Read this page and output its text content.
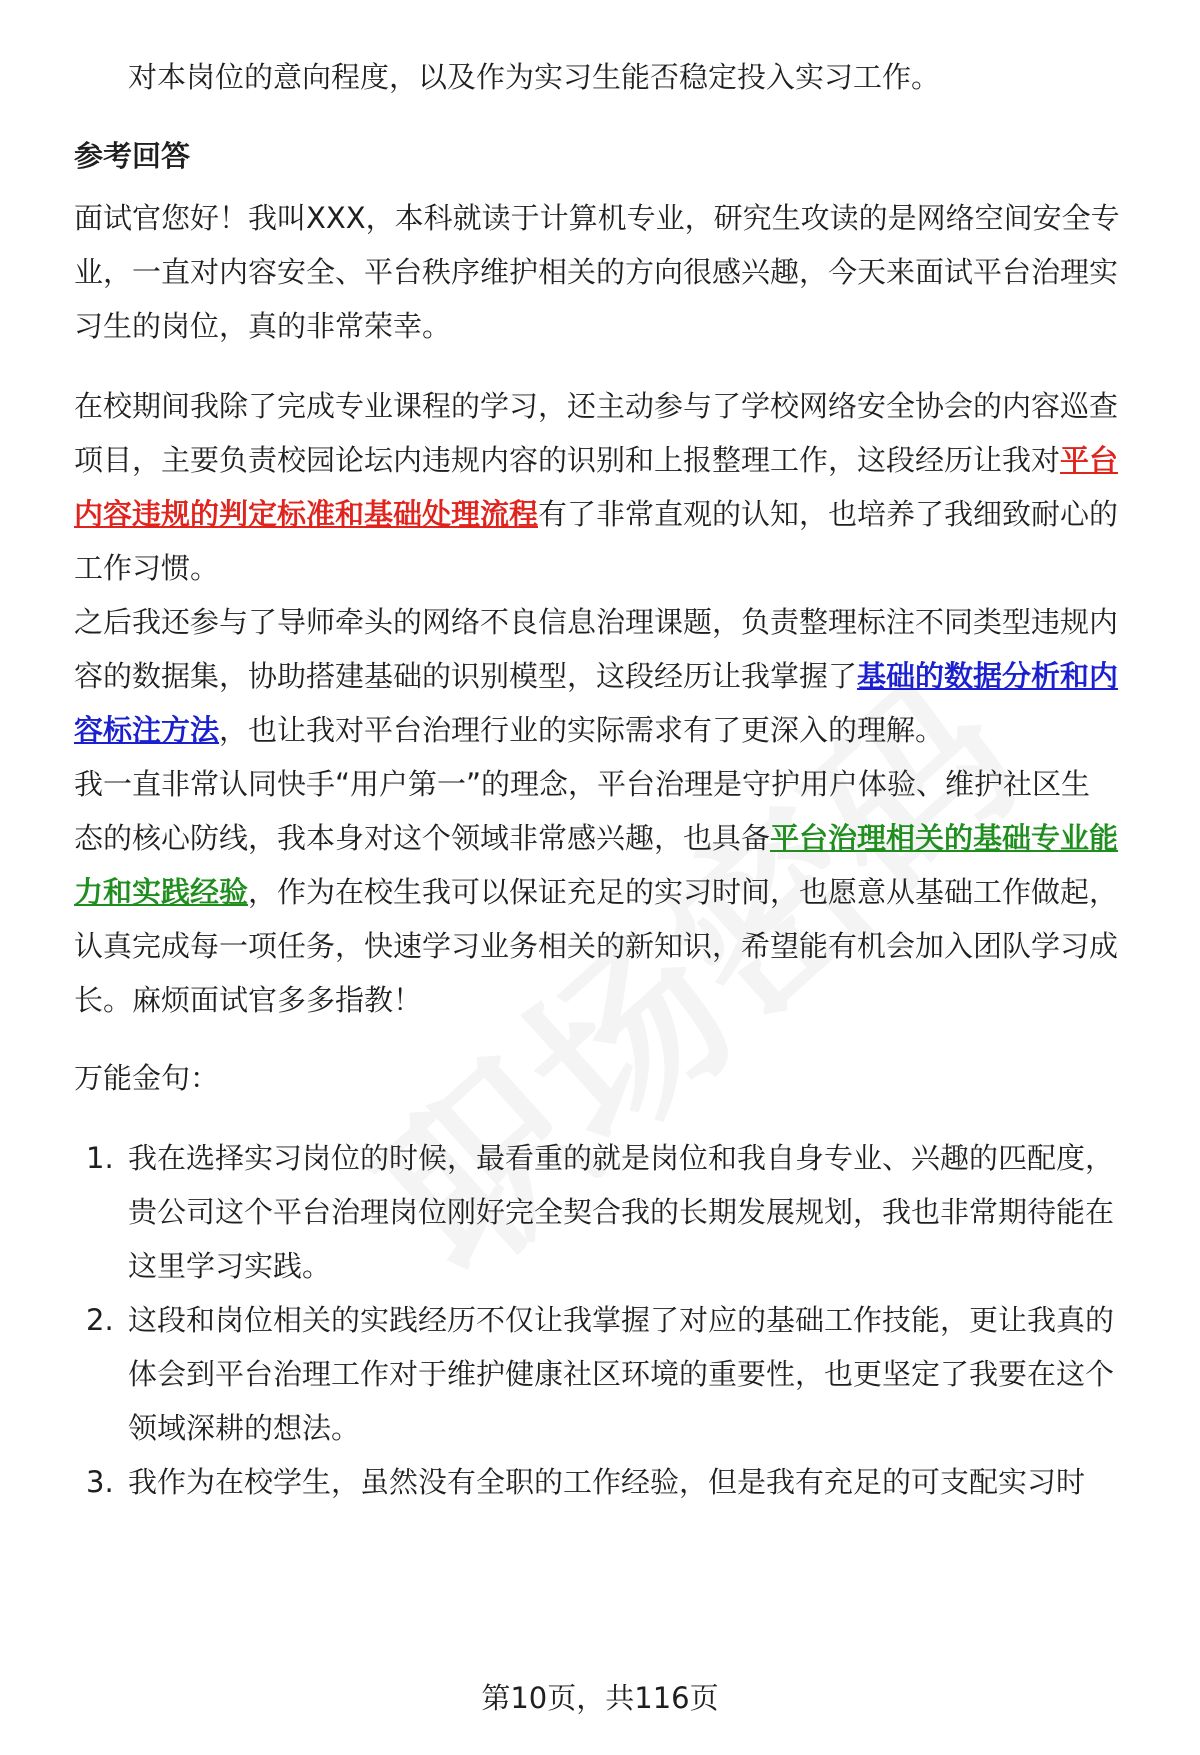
对本岗位的意向程度，以及作为实习生能否稳定投入实习工作。
参考回答
面试官您好！我叫XXX，本科就读于计算机专业，研究生攻读的是网络空间安全专
业，一直对内容安全、平台秩序维护相关的方向很感兴趣，今天来面试平台治理实
习生的岗位，真的非常荣幸。
在校期间我除了完成专业课程的学习，还主动参与了学校网络安全协会的内容巡查
项目，主要负责校园论坛内违规内容的识别和上报整理工作，这段经历让我对平台
内容违规的判定标准和基础处理流程有了非常直观的认知，也培养了我细致耐心的
工作习惯。
之后我还参与了导师牵头的网络不良信息治理课题，负责整理标注不同类型违规内
容的数据集，协助搭建基础的识别模型，这段经历让我掌握了基础的数据分析和内
容标注方法，也让我对平台治理行业的实际需求有了更深入的理解。
我一直非常认同快手“用户第一”的理念，平台治理是守护用户体验、维护社区生
态的核心防线，我本身对这个领域非常感兴趣，也具备平台治理相关的基础专业能
力和实践经验，作为在校生我可以保证充足的实习时间，也愿意从基础工作做起，
认真完成每一项任务，快速学习业务相关的新知识，希望能有机会加入团队学习成
长。麻烦面试官多多指教！
万能金句：
1. 我在选择实习岗位的时候，最看重的就是岗位和我自身专业、兴趣的匹配度，
贵公司这个平台治理岗位刚好完全契合我的长期发展规划，我也非常期待能在
这里学习实践。
2. 这段和岗位相关的实践经历不仅让我掌握了对应的基础工作技能，更让我真的
体会到平台治理工作对于维护健康社区环境的重要性，也更坚定了我要在这个
领域深耕的想法。
3. 我作为在校学生，虽然没有全职的工作经验，但是我有充足的可支配实习时
第10页，共116页
